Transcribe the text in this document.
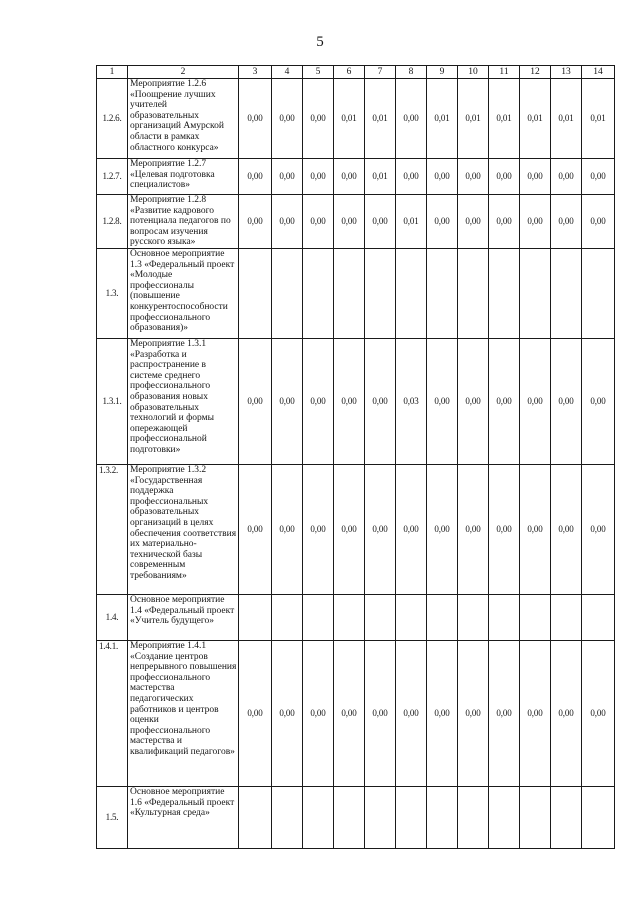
5
1	2	3	4	5	6	7	8	9	10	11	12	13	14
1.2.6.	Мероприятие 1.2.6 «Поощрение лучших учителей образовательных организаций Амурской области в рамках областного конкурса»	0,00	0,00	0,00	0,01	0,01	0,00	0,01	0,01	0,01	0,01	0,01	0,01
1.2.7.	Мероприятие 1.2.7 «Целевая подготовка специалистов»	0,00	0,00	0,00	0,00	0,01	0,00	0,00	0,00	0,00	0,00	0,00	0,00
1.2.8.	Мероприятие 1.2.8 «Развитие кадрового потенциала педагогов по вопросам изучения русского языка»	0,00	0,00	0,00	0,00	0,00	0,01	0,00	0,00	0,00	0,00	0,00	0,00
1.3.	Основное мероприятие 1.3 «Федеральный проект «Молодые профессионалы (повышение конкурентоспособности профессионального образования)»												
1.3.1.	Мероприятие 1.3.1 «Разработка и распространение в системе среднего профессионального образования новых образовательных технологий и формы опережающей профессиональной подготовки»	0,00	0,00	0,00	0,00	0,00	0,03	0,00	0,00	0,00	0,00	0,00	0,00
1.3.2.	Мероприятие 1.3.2 «Государственная поддержка профессиональных образовательных организаций в целях обеспечения соответствия их материально-технической базы современным требованиям»	0,00	0,00	0,00	0,00	0,00	0,00	0,00	0,00	0,00	0,00	0,00	0,00
1.4.	Основное мероприятие 1.4 «Федеральный проект «Учитель будущего»												
1.4.1.	Мероприятие 1.4.1 «Создание центров непрерывного повышения профессионального мастерства педагогических работников и центров оценки профессионального мастерства и квалификаций педагогов»	0,00	0,00	0,00	0,00	0,00	0,00	0,00	0,00	0,00	0,00	0,00	0,00
1.5.	Основное мероприятие 1.6 «Федеральный проект «Культурная среда»												
